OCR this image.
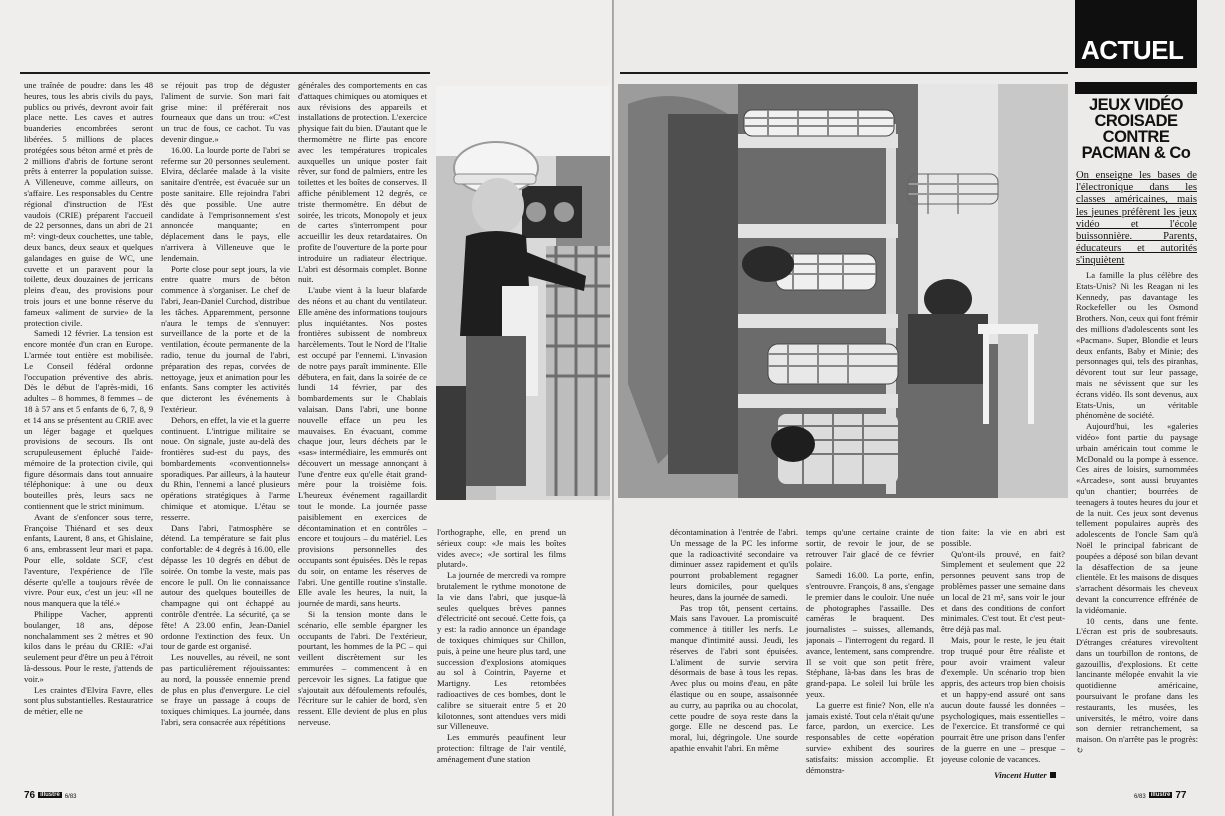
une traînée de poudre: dans les 48 heures, tous les abris civils du pays, publics ou privés, devront avoir fait place nette. Les caves et autres buanderies encombrées seront libérées. 5 millions de places protégées sous béton armé et près de 2 millions d'abris de fortune seront prêts à enterrer la population suisse. A Villeneuve, comme ailleurs, on s'affaire. Les responsables du Centre régional d'instruction de l'Est vaudois (CRIE) préparent l'accueil de 22 personnes, dans un abri de 21 m²: vingt-deux couchettes, une table, deux bancs, deux seaux et quelques galandages en guise de WC, une cuvette et un paravent pour la toilette, deux douzaines de jerricans pleins d'eau, des provisions pour trois jours et une bonne réserve du fameux «aliment de survie» de la protection civile.

Samedi 12 février. La tension est encore montée d'un cran en Europe. L'armée tout entière est mobilisée. Le Conseil fédéral ordonne l'occupation préventive des abris. Dès le début de l'après-midi, 16 adultes – 8 hommes, 8 femmes – de 18 à 57 ans et 5 enfants de 6, 7, 8, 9 et 14 ans se présentent au CRIE avec un léger bagage et quelques provisions de secours. Ils ont scrupuleusement épluché l'aide-mémoire de la protection civile, qui figure désormais dans tout annuaire téléphonique: à une ou deux bouteilles près, leurs sacs ne contiennent que le strict minimum.

Avant de s'enfoncer sous terre, Françoise Thiénard et ses deux enfants, Laurent, 8 ans, et Ghislaine, 6 ans, embrassent leur mari et papa. Pour elle, soldate SCF, c'est l'aventure, l'expérience de l'île déserte qu'elle a toujours rêvée de vivre. Pour eux, c'est un jeu: «Il ne nous manquera que la télé.»

Philippe Vacher, apprenti boulanger, 18 ans, dépose nonchalamment ses 2 mètres et 90 kilos dans le préau du CRIE: «J'ai seulement peur d'être un peu à l'étroit là-dessous. Pour le reste, j'attends de voir.»

Les craintes d'Elvira Favre, elles sont plus substantielles. Restauratrice de métier, elle ne

se réjouit pas trop de déguster l'aliment de survie. Son mari fait grise mine: il préférerait nos fourneaux que dans un trou: «C'est un truc de fous, ce cachot. Tu vas devenir dingue.»

16.00. La lourde porte de l'abri se referme sur 20 personnes seulement. Elvira, déclarée malade à la visite sanitaire d'entrée, est évacuée sur un poste sanitaire. Elle rejoindra l'abri dès que possible. Une autre candidate à l'emprisonnement s'est annoncée manquante; en déplacement dans le pays, elle n'arrivera à Villeneuve que le lendemain.

Porte close pour sept jours, la vie entre quatre murs de béton commence à s'organiser. Le chef de l'abri, Jean-Daniel Curchod, distribue les tâches. Apparemment, personne n'aura le temps de s'ennuyer: surveillance de la porte et de la ventilation, écoute permanente de la radio, tenue du journal de l'abri, préparation des repas, corvées de nettoyage, jeux et animation pour les enfants. Sans compter les activités que dicteront les événements à l'extérieur.

Dehors, en effet, la vie et la guerre continuent. L'intrigue militaire se noue. On signale, juste au-delà des frontières sud-est du pays, des bombardements «conventionnels» sporadiques. Par ailleurs, à la hauteur du Rhin, l'ennemi a lancé plusieurs opérations stratégiques à l'arme chimique et atomique. L'étau se resserre.

Dans l'abri, l'atmosphère se détend. La température se fait plus confortable: de 4 degrés à 16.00, elle dépasse les 10 degrés en début de soirée. On tombe la veste, mais pas encore le pull. On lie connaissance autour des quelques bouteilles de champagne qui ont échappé au contrôle d'entrée. La sécurité, ça se fête! A 23.00 enfin, Jean-Daniel ordonne l'extinction des feux. Un tour de garde est organisé.

Les nouvelles, au réveil, ne sont pas particulièrement réjouissantes: au nord, la poussée ennemie prend de plus en plus d'envergure. Le ciel se fraye un passage à coups de toxiques chimiques. La journée, dans l'abri, sera consacrée aux répétitions

générales des comportements en cas d'attaques chimiques ou atomiques et aux révisions des appareils et installations de protection. L'exercice physique fait du bien. D'autant que le thermomètre ne flirte pas encore avec les températures tropicales auxquelles un unique poster fait rêver, sur fond de palmiers, entre les toilettes et les boîtes de conserves. Il affiche péniblement 12 degrés, ce triste thermomètre. En début de soirée, les tricots, Monopoly et jeux de cartes s'interrompent pour accueillir les deux retardataires. On profite de l'ouverture de la porte pour introduire un radiateur électrique. L'abri est désormais complet. Bonne nuit.

L'aube vient à la lueur blafarde des néons et au chant du ventilateur. Elle amène des informations toujours plus inquiétantes. Nos postes frontières subissent de nombreux harcèlements. Tout le Nord de l'Italie est occupé par l'ennemi. L'invasion de notre pays paraît imminente. Elle débutera, en fait, dans la soirée de ce lundi 14 février, par des bombardements sur le Chablais valaisan. Dans l'abri, une bonne nouvelle efface un peu les mauvaises. En évacuant, comme chaque jour, leurs déchets par le «sas» intermédiaire, les emmurés ont découvert un message annonçant à l'une d'entre eux qu'elle était grand-mère pour la troisième fois. L'heureux événement ragaillardit tout le monde. La journée passe paisiblement en exercices de décontamination et en contrôles – encore et toujours – du matériel. Les provisions personnelles des occupants sont épuisées. Dès le repas du soir, on entame les réserves de l'abri. Une gentille routine s'installe. Elle avale les heures, la nuit, la journée de mardi, sans heurts.

Si la tension monte dans le scénario, elle semble épargner les occupants de l'abri. De l'extérieur, pourtant, les hommes de la PC – qui veillent discrètement sur les emmurées – commencent à en percevoir les signes. La fatigue que s'ajoutait aux défoulements refoulés, l'écriture sur le cahier de bord, s'en ressent. Elle devient de plus en plus nerveuse.

l'orthographe, elle, en prend un sérieux coup: «Je mais les boîtes vides avec»; «Je sortiral les films plutard».

La journée de mercredi va rompre brutalement le rythme monotone de la vie dans l'abri, que jusque-là seules quelques brèves pannes d'électricité ont secoué. Cette fois, ça y est: la radio annonce un épandage de toxiques chimiques sur Chillon, puis, à peine une heure plus tard, une succession d'explosions atomiques au sol à Cointrin, Payerne et Martigny. Les retombées radioactives de ces bombes, dont le calibre se situerait entre 5 et 20 kilotonnes, sont attendues vers midi sur Villeneuve.

Les emmurés peaufinent leur protection: filtrage de l'air ventilé, aménagement d'une station

76 illustré 6/83
ACTUEL
JEUX VIDÉO CROISADE CONTRE PACMAN & Co
On enseigne les bases de l'électronique dans les classes américaines, mais les jeunes préfèrent les jeux vidéo et l'école buissonnière. Parents, éducateurs et autorités s'inquiètent

La famille la plus célèbre des Etats-Unis? Ni les Reagan ni les Kennedy, pas davantage les Rockefeller ou les Osmond Brothers. Non, ceux qui font frémir des millions d'adolescents sont les «Pacman». Super, Blondie et leurs deux enfants, Baby et Minie; des personnages qui, tels des piranhas, dévorent tout sur leur passage, mais ne sévissent que sur les écrans vidéo. Ils sont devenus, aux Etats-Unis, un véritable phénomène de société.

Aujourd'hui, les «galeries vidéo» font partie du paysage urbain américain tout comme le McDonald ou la pompe à essence. Ces aires de loisirs, surnommées «Arcades», sont aussi bruyantes qu'un chantier; bourrées de teenagers à toutes heures du jour et de la nuit. Ces jeux sont devenus tellement populaires auprès des adolescents de l'oncle Sam qu'à Noël le principal fabricant de poupées a déposé son bilan devant la désaffection de sa jeune clientèle. Et les maisons de disques s'arrachent désormais les cheveux devant la concurrence effrénée de la vidéomanie.

10 cents, dans une fente. L'écran est pris de soubresauts. D'étranges créatures virevoltent dans un tourbillon de rontons, de gazouillis, d'explosions. Et cette lancinante mélopée envahit la vie quotidienne américaine, poursuivant le profane dans les restaurants, les musées, les universités, le métro, voire dans son dernier retranchement, sa maison. On n'arrête pas le progrès: ↻

décontamination à l'entrée de l'abri. Un message de la PC les informe que la radioactivité secondaire va diminuer assez rapidement et qu'ils pourront probablement regagner leurs domiciles, pour quelques heures, dans la journée de samedi.

Pas trop tôt, pensent certains. Mais sans l'avouer. La promiscuité commence à titiller les nerfs. Le manque d'intimité aussi. Jeudi, les réserves de l'abri sont épuisées. L'aliment de survie servira désormais de base à tous les repas. Avec plus ou moins d'eau, en pâte élastique ou en soupe, assaisonnée au curry, au paprika ou au chocolat, cette poudre de soya reste dans la gorge. Elle ne descend pas. Le moral, lui, dégringole. Une sourde apathie envahit l'abri. En même

temps qu'une certaine crainte de sortir, de revoir le jour, de se retrouver l'air glacé de ce février polaire.

Samedi 16.00. La porte, enfin, s'entrouvre. François, 8 ans, s'engage le premier dans le couloir. Une nuée de photographes l'assaille. Des caméras le braquent. Des journalistes – suisses, allemands, japonais – l'interrogent du regard. Il avance, lentement, sans comprendre. Il se voit que son petit frère, Stéphane, là-bas dans les bras de grand-papa. Le soleil lui brûle les yeux.

La guerre est finie? Non, elle n'a jamais existé. Tout cela n'était qu'une farce, pardon, un exercice. Les responsables de cette «opération survie» exhibent des sourires satisfaits: mission accomplie. Et démonstra-

tion faite: la vie en abri est possible.

Qu'ont-ils prouvé, en fait? Simplement et seulement que 22 personnes peuvent sans trop de problèmes passer une semaine dans un local de 21 m², sans voir le jour et dans des conditions de confort minimales. C'est tout. Et c'est peut-être déjà pas mal.

Mais, pour le reste, le jeu était trop truqué pour être réaliste et pour avoir vraiment valeur d'exemple. Un scénario trop bien appris, des acteurs trop bien choisis et un happy-end assuré ont sans aucun doute faussé les données – psychologiques, mais essentielles – de l'exercice. Et transformé ce qui pourrait être une prison dans l'enfer de la guerre en une – presque – joyeuse colonie de vacances.

Vincent Hutter
6/83 illustré 77
